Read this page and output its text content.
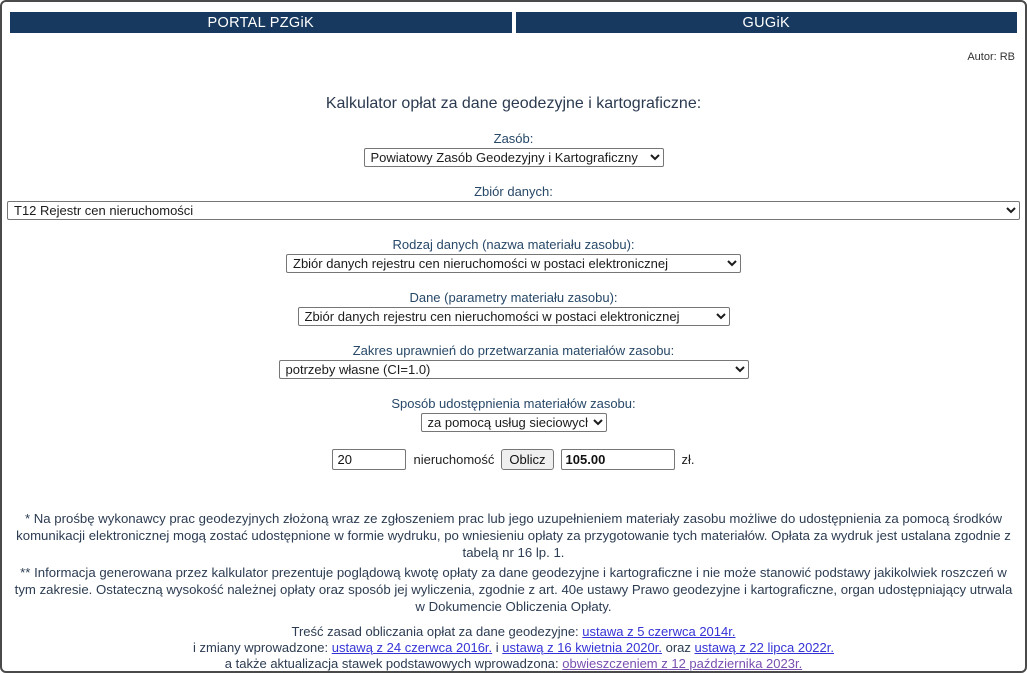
PORTAL PZGiK	GUGiK
Autor: RB
Kalkulator opłat za dane geodezyjne i kartograficzne:
Zasób:
Powiatowy Zasób Geodezyjny i Kartograficzny
Zbiór danych:
T12 Rejestr cen nieruchomości
Rodzaj danych (nazwa materiału zasobu):
Zbiór danych rejestru cen nieruchomości w postaci elektronicznej
Dane (parametry materiału zasobu):
Zbiór danych rejestru cen nieruchomości w postaci elektronicznej
Zakres uprawnień do przetwarzania materiałów zasobu:
potrzeby własne (CI=1.0)
Sposób udostępnienia materiałów zasobu:
za pomocą usług sieciowych
20
nieruchomość	Oblicz
105.00	zł.
* Na prośbę wykonawcy prac geodezyjnych złożoną wraz ze zgłoszeniem prac lub jego uzupełnieniem materiały zasobu możliwe do udostępnienia za pomocą środków komunikacji elektronicznej mogą zostać udostępnione w formie wydruku, po wniesieniu opłaty za przygotowanie tych materiałów. Opłata za wydruk jest ustalana zgodnie z tabelą nr 16 lp. 1.
** Informacja generowana przez kalkulator prezentuje poglądową kwotę opłaty za dane geodezyjne i kartograficzne i nie może stanowić podstawy jakikolwiek roszczeń w tym zakresie. Ostateczną wysokość należnej opłaty oraz sposób jej wyliczenia, zgodnie z art. 40e ustawy Prawo geodezyjne i kartograficzne, organ udostępniający utrwala w Dokumencie Obliczenia Opłaty.
Treść zasad obliczania opłat za dane geodezyjne: ustawa z 5 czerwca 2014r.
i zmiany wprowadzone: ustawą z 24 czerwca 2016r. i ustawą z 16 kwietnia 2020r. oraz ustawą z 22 lipca 2022r.
a także aktualizacja stawek podstawowych wprowadzona: obwieszczeniem z 12 października 2023r.
